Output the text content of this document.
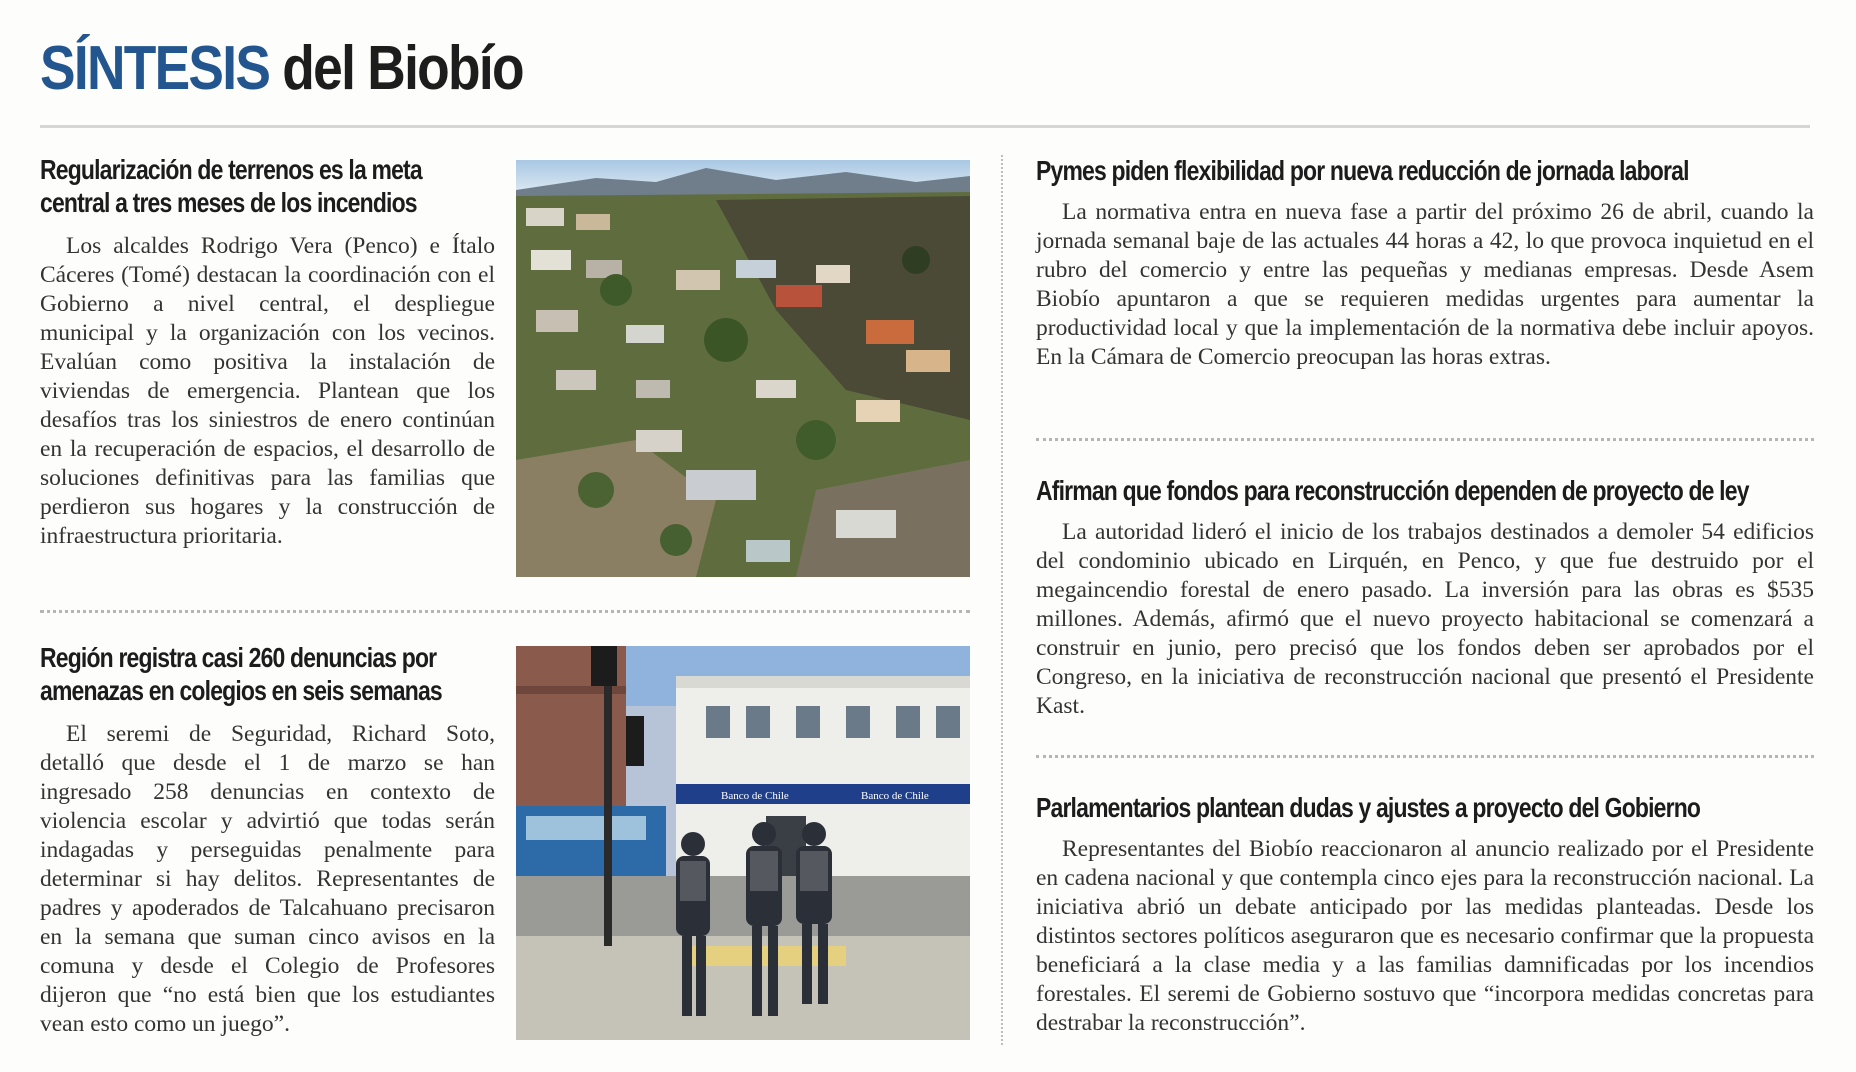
SÍNTESIS del Biobío
Regularización de terrenos es la meta central a tres meses de los incendios

Los alcaldes Rodrigo Vera (Penco) e Ítalo Cáceres (Tomé) destacan la coordinación con el Gobierno a nivel central, el despliegue municipal y la organización con los vecinos. Evalúan como positiva la instalación de viviendas de emergencia. Plantean que los desafíos tras los siniestros de enero continúan en la recuperación de espacios, el desarrollo de soluciones definitivas para las familias que perdieron sus hogares y la construcción de infraestructura prioritaria.

Región registra casi 260 denuncias por amenazas en colegios en seis semanas

El seremi de Seguridad, Richard Soto, detalló que desde el 1 de marzo se han ingresado 258 denuncias en contexto de violencia escolar y advirtió que todas serán indagadas y perseguidas penalmente para determinar si hay delitos. Representantes de padres y apoderados de Talcahuano precisaron en la semana que suman cinco avisos en la comuna y desde el Colegio de Profesores dijeron que “no está bien que los estudiantes vean esto como un juego”.

Banco de Chile	Banco de Chile
Pymes piden flexibilidad por nueva reducción de jornada laboral

La normativa entra en nueva fase a partir del próximo 26 de abril, cuando la jornada semanal baje de las actuales 44 horas a 42, lo que provoca inquietud en el rubro del comercio y entre las pequeñas y medianas empresas. Desde Asem Biobío apuntaron a que se requieren medidas urgentes para aumentar la productividad local y que la implementación de la normativa debe incluir apoyos. En la Cámara de Comercio preocupan las horas extras.

Afirman que fondos para reconstrucción dependen de proyecto de ley

La autoridad lideró el inicio de los trabajos destinados a demoler 54 edificios del condominio ubicado en Lirquén, en Penco, y que fue destruido por el megaincendio forestal de enero pasado. La inversión para las obras es $535 millones. Además, afirmó que el nuevo proyecto habitacional se comenzará a construir en junio, pero precisó que los fondos deben ser aprobados por el Congreso, en la iniciativa de reconstrucción nacional que presentó el Presidente Kast.

Parlamentarios plantean dudas y ajustes a proyecto del Gobierno

Representantes del Biobío reaccionaron al anuncio realizado por el Presidente en cadena nacional y que contempla cinco ejes para la reconstrucción nacional. La iniciativa abrió un debate anticipado por las medidas planteadas. Desde los distintos sectores políticos aseguraron que es necesario confirmar que la propuesta beneficiará a la clase media y a las familias damnificadas por los incendios forestales. El seremi de Gobierno sostuvo que “incorpora medidas concretas para destrabar la reconstrucción”.
